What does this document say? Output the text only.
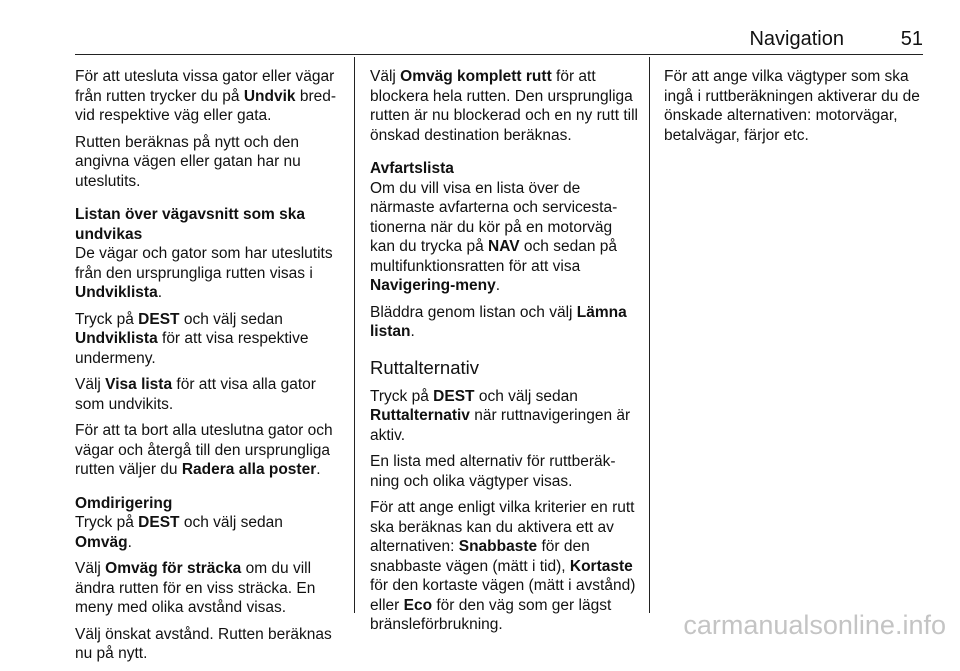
Navigation	51

För att utesluta vissa gator eller vägar från rutten trycker du på Undvik bredvid respektive väg eller gata.

Rutten beräknas på nytt och den angivna vägen eller gatan har nu uteslutits.

Listan över vägavsnitt som ska undvikas

De vägar och gator som har uteslutits från den ursprungliga rutten visas i Undviklista.

Tryck på DEST och välj sedan Undviklista för att visa respektive undermeny.

Välj Visa lista för att visa alla gator som undvikits.

För att ta bort alla uteslutna gator och vägar och återgå till den ursprungliga rutten väljer du Radera alla poster.

Omdirigering

Tryck på DEST och välj sedan Omväg.

Välj Omväg för sträcka om du vill ändra rutten för en viss sträcka. En meny med olika avstånd visas.

Välj önskat avstånd. Rutten beräknas nu på nytt.

Välj Omväg komplett rutt för att blockera hela rutten. Den ursprungliga rutten är nu blockerad och en ny rutt till önskad destination beräknas.

Avfartslista

Om du vill visa en lista över de närmaste avfarterna och servicestationerna när du kör på en motorväg kan du trycka på NAV och sedan på multifunktionsratten för att visa Navigering-meny.

Bläddra genom listan och välj Lämna listan.

Ruttalternativ

Tryck på DEST och välj sedan Ruttalternativ när ruttnavigeringen är aktiv.

En lista med alternativ för ruttberäkning och olika vägtyper visas.

För att ange enligt vilka kriterier en rutt ska beräknas kan du aktivera ett av alternativen: Snabbaste för den snabbaste vägen (mätt i tid), Kortaste för den kortaste vägen (mätt i avstånd) eller Eco för den väg som ger lägst bränsleförbrukning.

För att ange vilka vägtyper som ska ingå i ruttberäkningen aktiverar du de önskade alternativen: motorvägar, betalvägar, färjor etc.

carmanualsonline.info
